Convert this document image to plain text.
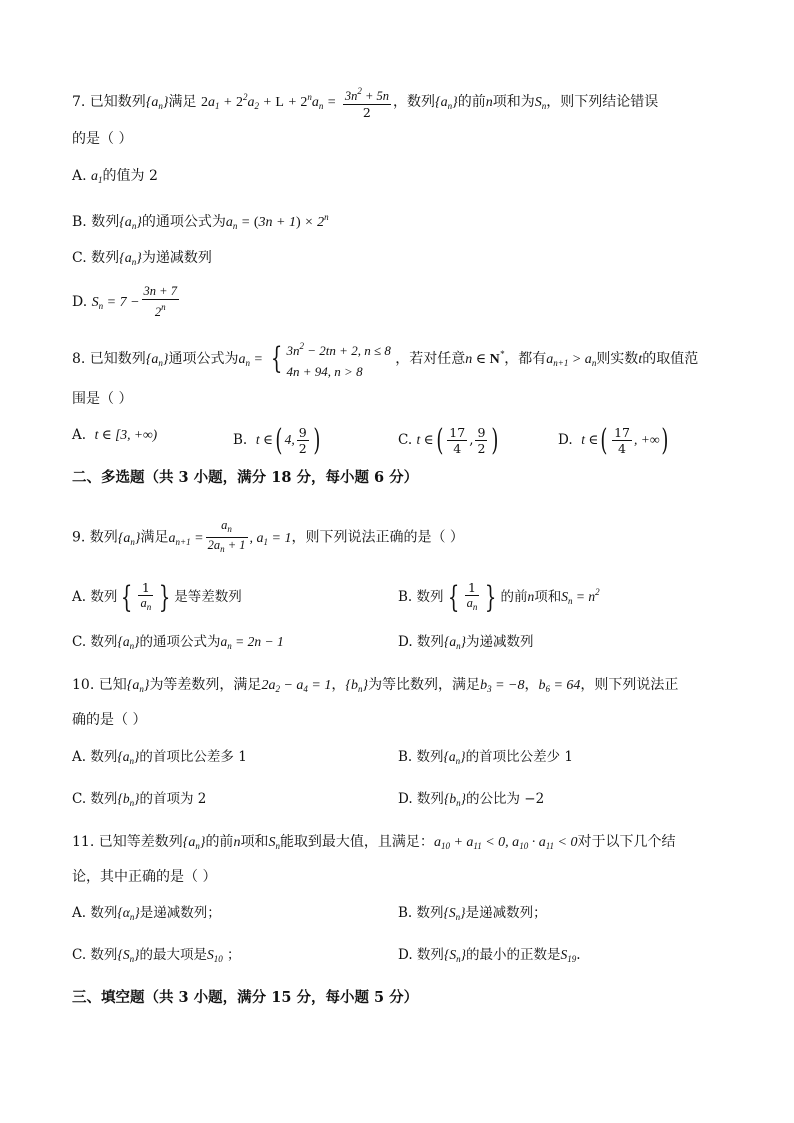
7. 已知数列$\{a_n\}$满足 $2a_1 + 2^2a_2 + L + 2^na_n = \frac{3n^2 + 5n}{2}$ ，数列$\{a_n\}$的前n项和为$S_n$，则下列结论错误
的是（ ）
A. $a_1$的值为 2
B. 数列$\{a_n\}$的通项公式为$a_n = (3n + 1) \times 2^n$
C. 数列$\{a_n\}$为递减数列
D. $S_n = 7 - \frac{3n + 7}{2^n}$
8. 已知数列$\{a_n\}$通项公式为$a_n$ = { $3n^2 - 2tn + 2$, n ≤ 8
4n + 94, n > 8
，若对任意n ∈ N*，都有$a_{n+1} > a_n$则实数t的取值范
围是（ ）
A. t ∈ [3, +∞)	B. t ∈( 4, $\frac{9}{2}$ )	C. t ∈( $\frac{17}{4}$ , $\frac{9}{2}$ )	D. t ∈( $\frac{17}{4}$ , +∞)
二、多选题（共 3 小题，满分 18 分，每小题 6 分）
9. 数列$\{a_n\}$满足$a_{n+1} = \frac{a_n}{2a_n + 1}$ , $a_1 = 1$，则下列说法正确的是（ ）
A. 数列 { $\frac{1}{a_n}$ } 是等差数列	B. 数列 { $\frac{1}{a_n}$ } 的前n项和$S_n = n^2$
C. 数列$\{a_n\}$的通项公式为$a_n = 2n - 1$	D. 数列$\{a_n\}$为递减数列
10. 已知$\{a_n\}$为等差数列，满足$2a_2 - a_4 = 1$，$\{b_n\}$为等比数列，满足$b_3 = -8$，$b_6 = 64$，则下列说法正
确的是（ ）
A. 数列$\{a_n\}$的首项比公差多 1	B. 数列$\{a_n\}$的首项比公差少 1
C. 数列$\{b_n\}$的首项为 2	D. 数列$\{b_n\}$的公比为 −2
11. 已知等差数列$\{a_n\}$的前n项和$S_n$能取到最大值，且满足：$a_{10} + a_{11} < 0$, $a_{10} \cdot a_{11} < 0$对于以下几个结
论，其中正确的是（ ）
A. 数列$\{\alpha_n\}$是递减数列；	B. 数列$\{S_n\}$是递减数列；
C. 数列$\{S_n\}$的最大项是$S_{10}$ ；	D. 数列$\{S_n\}$的最小的正数是$S_{19}$.
三、填空题（共 3 小题，满分 15 分，每小题 5 分）
